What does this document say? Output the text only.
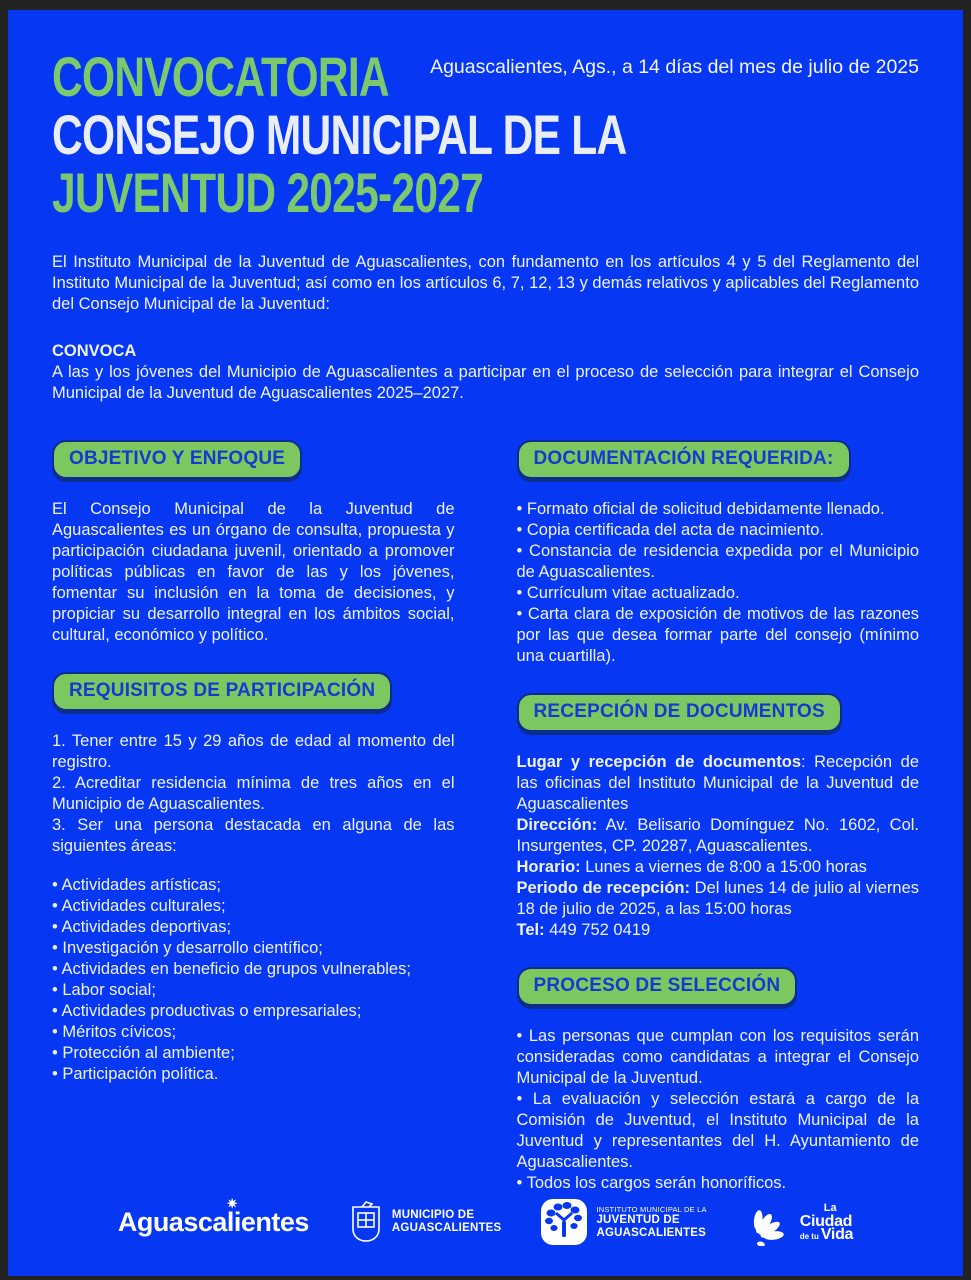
Aguascalientes, Ags., a 14 días del mes de julio de 2025
CONVOCATORIA
CONSEJO MUNICIPAL DE LA
JUVENTUD 2025-2027

El Instituto Municipal de la Juventud de Aguascalientes, con fundamento en los artículos 4 y 5 del Reglamento del Instituto Municipal de la Juventud; así como en los artículos 6, 7, 12, 13 y demás relativos y aplicables del Reglamento del Consejo Municipal de la Juventud:

CONVOCA

A las y los jóvenes del Municipio de Aguascalientes a participar en el proceso de selección para integrar el Consejo Municipal de la Juventud de Aguascalientes 2025–2027.

OBJETIVO Y ENFOQUE

El Consejo Municipal de la Juventud de Aguascalientes es un órgano de consulta, propuesta y participación ciudadana juvenil, orientado a promover políticas públicas en favor de las y los jóvenes, fomentar su inclusión en la toma de decisiones, y propiciar su desarrollo integral en los ámbitos social, cultural, económico y político.

REQUISITOS DE PARTICIPACIÓN

1. Tener entre 15 y 29 años de edad al momento del registro.

2. Acreditar residencia mínima de tres años en el Municipio de Aguascalientes.

3. Ser una persona destacada en alguna de las siguientes áreas:

• Actividades artísticas;

• Actividades culturales;

• Actividades deportivas;

• Investigación y desarrollo científico;

• Actividades en beneficio de grupos vulnerables;

• Labor social;

• Actividades productivas o empresariales;

• Méritos cívicos;

• Protección al ambiente;

• Participación política.

DOCUMENTACIÓN REQUERIDA:

• Formato oficial de solicitud debidamente llenado.

• Copia certificada del acta de nacimiento.

• Constancia de residencia expedida por el Municipio de Aguascalientes.

• Currículum vitae actualizado.

• Carta clara de exposición de motivos de las razones por las que desea formar parte del consejo (mínimo una cuartilla).

RECEPCIÓN DE DOCUMENTOS

Lugar y recepción de documentos: Recepción de las oficinas del Instituto Municipal de la Juventud de Aguascalientes

Dirección: Av. Belisario Domínguez No. 1602, Col. Insurgentes, CP. 20287, Aguascalientes.

Horario: Lunes a viernes de 8:00 a 15:00 horas

Periodo de recepción: Del lunes 14 de julio al viernes 18 de julio de 2025, a las 15:00 horas

Tel: 449 752 0419

PROCESO DE SELECCIÓN

• Las personas que cumplan con los requisitos serán consideradas como candidatas a integrar el Consejo Municipal de la Juventud.

• La evaluación y selección estará a cargo de la Comisión de Juventud, el Instituto Municipal de la Juventud y representantes del H. Ayuntamiento de Aguascalientes.

• Todos los cargos serán honoríficos.

✷
Aguascalientes	MUNICIPIO DE
AGUASCALIENTES
INSTITUTO MUNICIPAL DE LA
JUVENTUD DE
AGUASCALIENTES
La
Ciudad
de tu Vida
